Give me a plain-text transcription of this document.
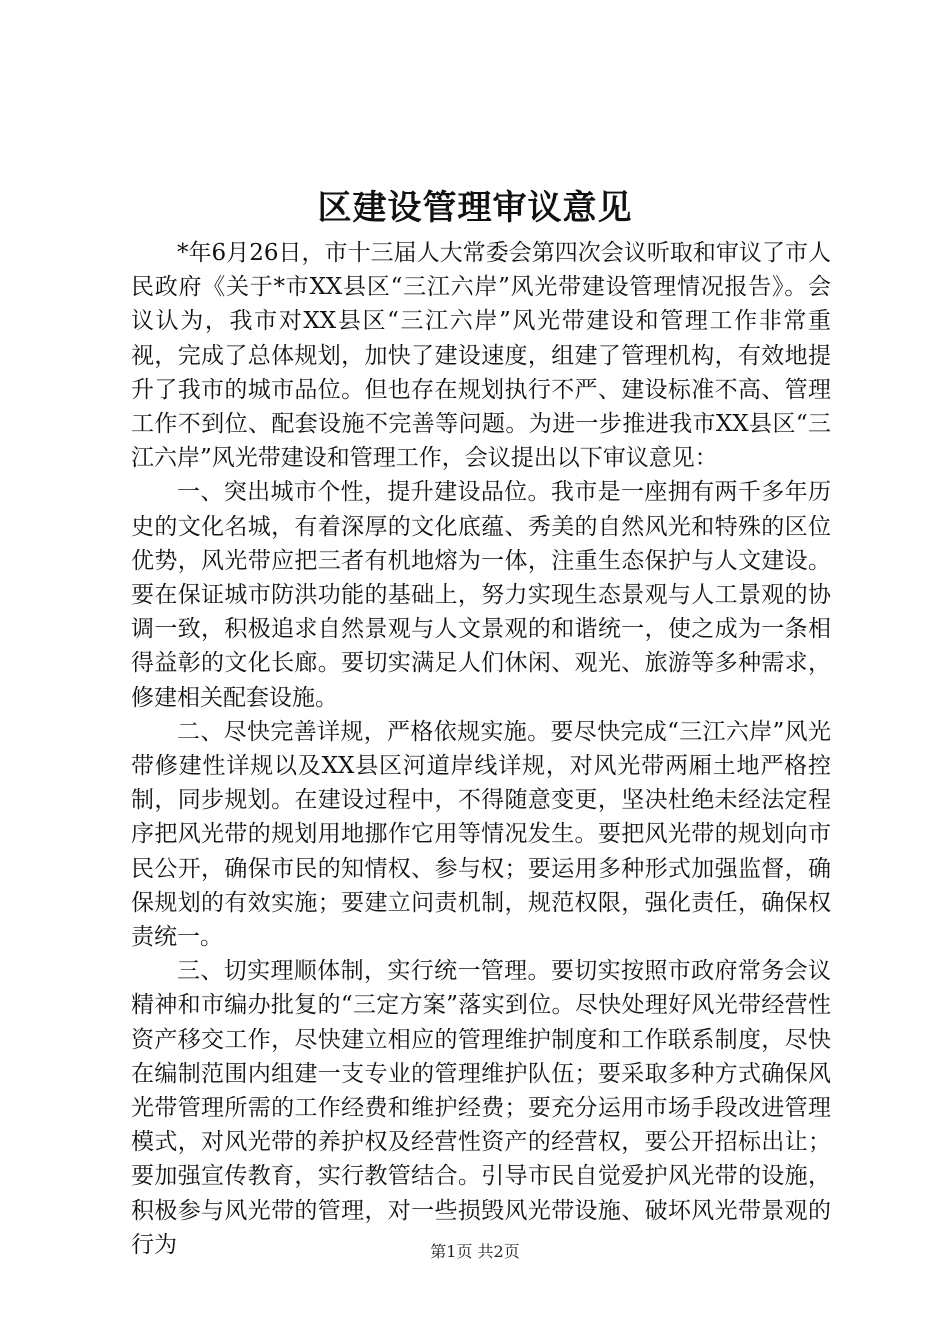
区建设管理审议意见

*年6月26日，市十三届人大常委会第四次会议听取和审议了市人民政府《关于*市XX县区“三江六岸”风光带建设管理情况报告》。会议认为，我市对XX县区“三江六岸”风光带建设和管理工作非常重视，完成了总体规划，加快了建设速度，组建了管理机构，有效地提升了我市的城市品位。但也存在规划执行不严、建设标准不高、管理工作不到位、配套设施不完善等问题。为进一步推进我市XX县区“三江六岸”风光带建设和管理工作，会议提出以下审议意见：

一、突出城市个性，提升建设品位。我市是一座拥有两千多年历史的文化名城，有着深厚的文化底蕴、秀美的自然风光和特殊的区位优势，风光带应把三者有机地熔为一体，注重生态保护与人文建设。要在保证城市防洪功能的基础上，努力实现生态景观与人工景观的协调一致，积极追求自然景观与人文景观的和谐统一，使之成为一条相得益彰的文化长廊。要切实满足人们休闲、观光、旅游等多种需求，修建相关配套设施。

二、尽快完善详规，严格依规实施。要尽快完成“三江六岸”风光带修建性详规以及XX县区河道岸线详规，对风光带两厢土地严格控制，同步规划。在建设过程中，不得随意变更，坚决杜绝未经法定程序把风光带的规划用地挪作它用等情况发生。要把风光带的规划向市民公开，确保市民的知情权、参与权；要运用多种形式加强监督，确保规划的有效实施；要建立问责机制，规范权限，强化责任，确保权责统一。

三、切实理顺体制，实行统一管理。要切实按照市政府常务会议精神和市编办批复的“三定方案”落实到位。尽快处理好风光带经营性资产移交工作，尽快建立相应的管理维护制度和工作联系制度，尽快在编制范围内组建一支专业的管理维护队伍；要采取多种方式确保风光带管理所需的工作经费和维护经费；要充分运用市场手段改进管理模式，对风光带的养护权及经营性资产的经营权，要公开招标出让；要加强宣传教育，实行教管结合。引导市民自觉爱护风光带的设施，积极参与风光带的管理，对一些损毁风光带设施、破坏风光带景观的行为	第1页 共2页
